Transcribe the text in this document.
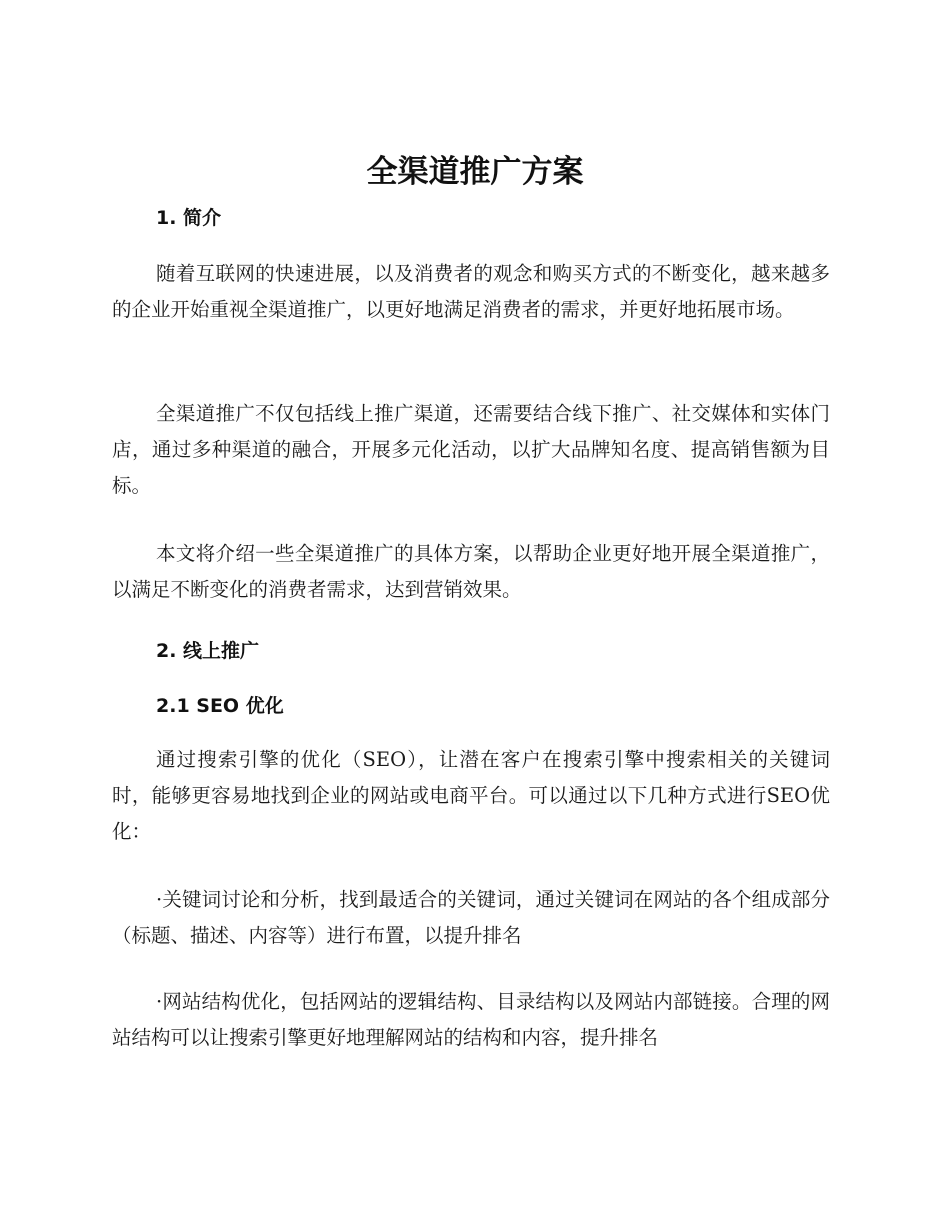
全渠道推广方案
1. 简介

随着互联网的快速进展，以及消费者的观念和购买方式的不断变化，越来越多的企业开始重视全渠道推广，以更好地满足消费者的需求，并更好地拓展市场。

全渠道推广不仅包括线上推广渠道，还需要结合线下推广、社交媒体和实体门店，通过多种渠道的融合，开展多元化活动，以扩大品牌知名度、提高销售额为目标。

本文将介绍一些全渠道推广的具体方案，以帮助企业更好地开展全渠道推广，以满足不断变化的消费者需求，达到营销效果。

2. 线上推广
2.1 SEO 优化

通过搜索引擎的优化（SEO），让潜在客户在搜索引擎中搜索相关的关键词时，能够更容易地找到企业的网站或电商平台。可以通过以下几种方式进行SEO优化：

·关键词讨论和分析，找到最适合的关键词，通过关键词在网站的各个组成部分（标题、描述、内容等）进行布置，以提升排名

·网站结构优化，包括网站的逻辑结构、目录结构以及网站内部链接。合理的网站结构可以让搜索引擎更好地理解网站的结构和内容，提升排名
